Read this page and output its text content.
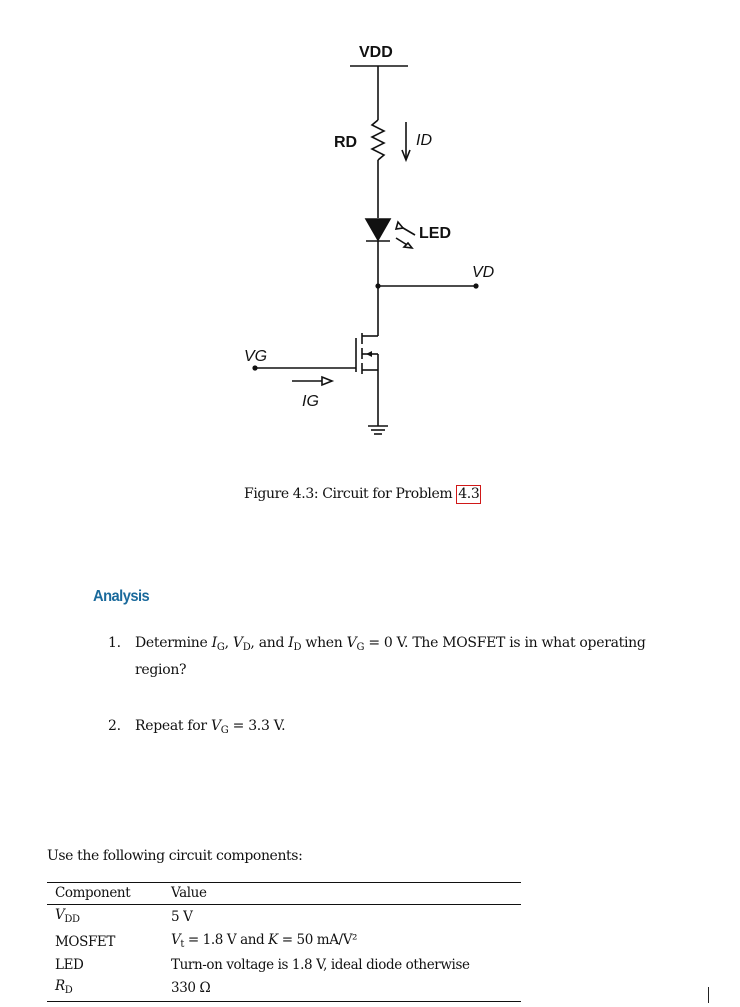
VDD
RD	ID
LED
VD
VG
IG
Figure 4.3: Circuit for Problem 4.3
Analysis
1.	Determine $I_G$, $V_D$, and $I_D$ when $V_G = 0$ V. The MOSFET is in what operating region?
2.	Repeat for $V_G = 3.3$ V.
Use the following circuit components:
Component	Value
$V_{DD}$	5 V
MOSFET	$V_t = 1.8$ V and K = 50 mA/V²
LED	Turn-on voltage is 1.8 V, ideal diode otherwise
$R_D$	330 Ω
